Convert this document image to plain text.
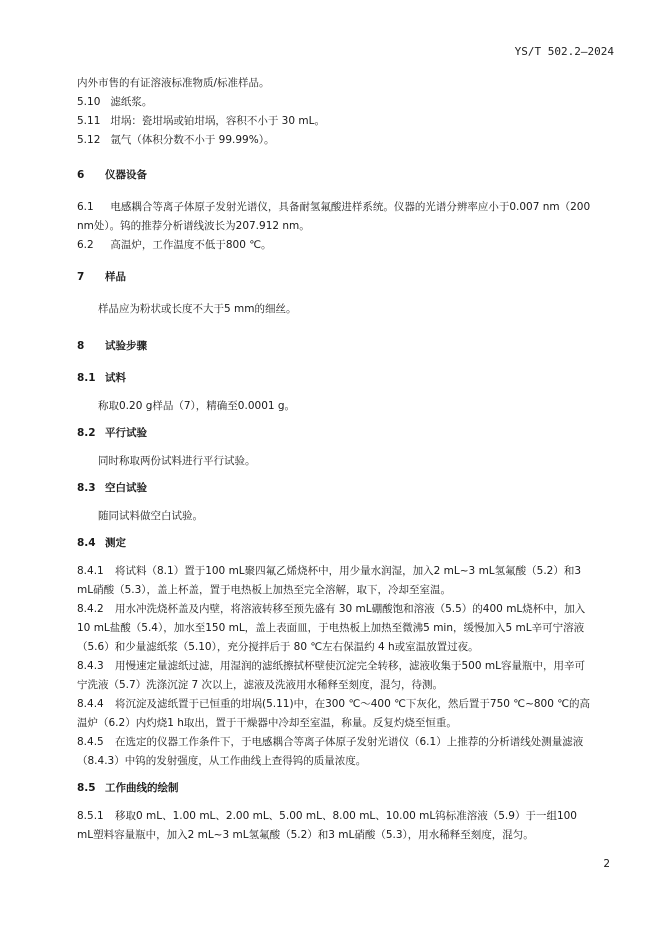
YS/T 502.2—2024

内外市售的有证溶液标准物质/标准样品。

5.10 滤纸浆。

5.11 坩埚：瓷坩埚或铂坩埚，容积不小于 30 mL。

5.12 氩气（体积分数不小于 99.99%）。

6 仪器设备

6.1 电感耦合等离子体原子发射光谱仪，具备耐氢氟酸进样系统。仪器的光谱分辨率应小于0.007 nm（200 nm处）。钨的推荐分析谱线波长为207.912 nm。

6.2 高温炉，工作温度不低于800 ℃。

7 样品

样品应为粉状或长度不大于5 mm的细丝。

8 试验步骤

8.1 试料

称取0.20 g样品（7），精确至0.0001 g。

8.2 平行试验

同时称取两份试料进行平行试验。

8.3 空白试验

随同试料做空白试验。

8.4 测定

8.4.1 将试料（8.1）置于100 mL聚四氟乙烯烧杯中，用少量水润湿，加入2 mL~3 mL氢氟酸（5.2）和3 mL硝酸（5.3），盖上杯盖，置于电热板上加热至完全溶解，取下，冷却至室温。

8.4.2 用水冲洗烧杯盖及内壁，将溶液转移至预先盛有 30 mL硼酸饱和溶液（5.5）的400 mL烧杯中，加入10 mL盐酸（5.4），加水至150 mL，盖上表面皿，于电热板上加热至微沸5 min，缓慢加入5 mL辛可宁溶液（5.6）和少量滤纸浆（5.10），充分搅拌后于 80 ℃左右保温约 4 h或室温放置过夜。

8.4.3 用慢速定量滤纸过滤，用湿润的滤纸擦拭杯壁使沉淀完全转移，滤液收集于500 mL容量瓶中，用辛可宁洗液（5.7）洗涤沉淀 7 次以上，滤液及洗液用水稀释至刻度，混匀，待测。

8.4.4 将沉淀及滤纸置于已恒重的坩埚(5.11)中，在300 ℃～400 ℃下灰化，然后置于750 ℃~800 ℃的高温炉（6.2）内灼烧1 h取出，置于干燥器中冷却至室温，称量。反复灼烧至恒重。

8.4.5 在选定的仪器工作条件下，于电感耦合等离子体原子发射光谱仪（6.1）上推荐的分析谱线处测量滤液（8.4.3）中钨的发射强度，从工作曲线上查得钨的质量浓度。

8.5 工作曲线的绘制

8.5.1 移取0 mL、1.00 mL、2.00 mL、5.00 mL、8.00 mL、10.00 mL钨标准溶液（5.9）于一组100 mL塑料容量瓶中，加入2 mL~3 mL氢氟酸（5.2）和3 mL硝酸（5.3），用水稀释至刻度，混匀。

2
